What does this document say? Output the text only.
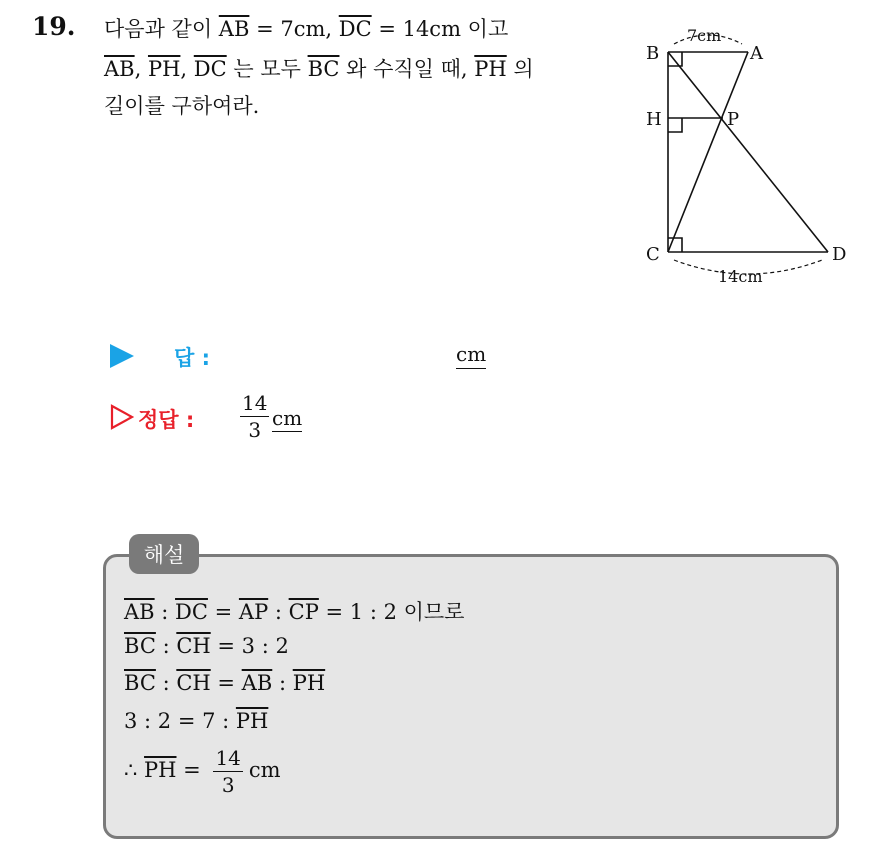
19. 다음과 같이 $\overline{AB} = 7cm$, $\overline{DC} = 14cm$ 이고
$\overline{AB}$, $\overline{PH}$, $\overline{DC}$ 는 모두 $\overline{BC}$ 와 수직일 때, $\overline{PH}$ 의
길이를 구하여라.
B	A
H	P
C	D
7cm
14cm
답 :	cm
정답 : $\frac{14}{3}$ cm
해설
$\overline{AB}$ : $\overline{DC} = \overline{AP}$ : $\overline{CP} = 1$ : 2 이므로
$\overline{BC}$ : $\overline{CH} = 3$ : 2
$\overline{BC}$ : $\overline{CH} = \overline{AB}$ : $\overline{PH}$
3 : 2 = 7 : $\overline{PH}$
∴ $\overline{PH} = \frac{14}{3}$ cm
